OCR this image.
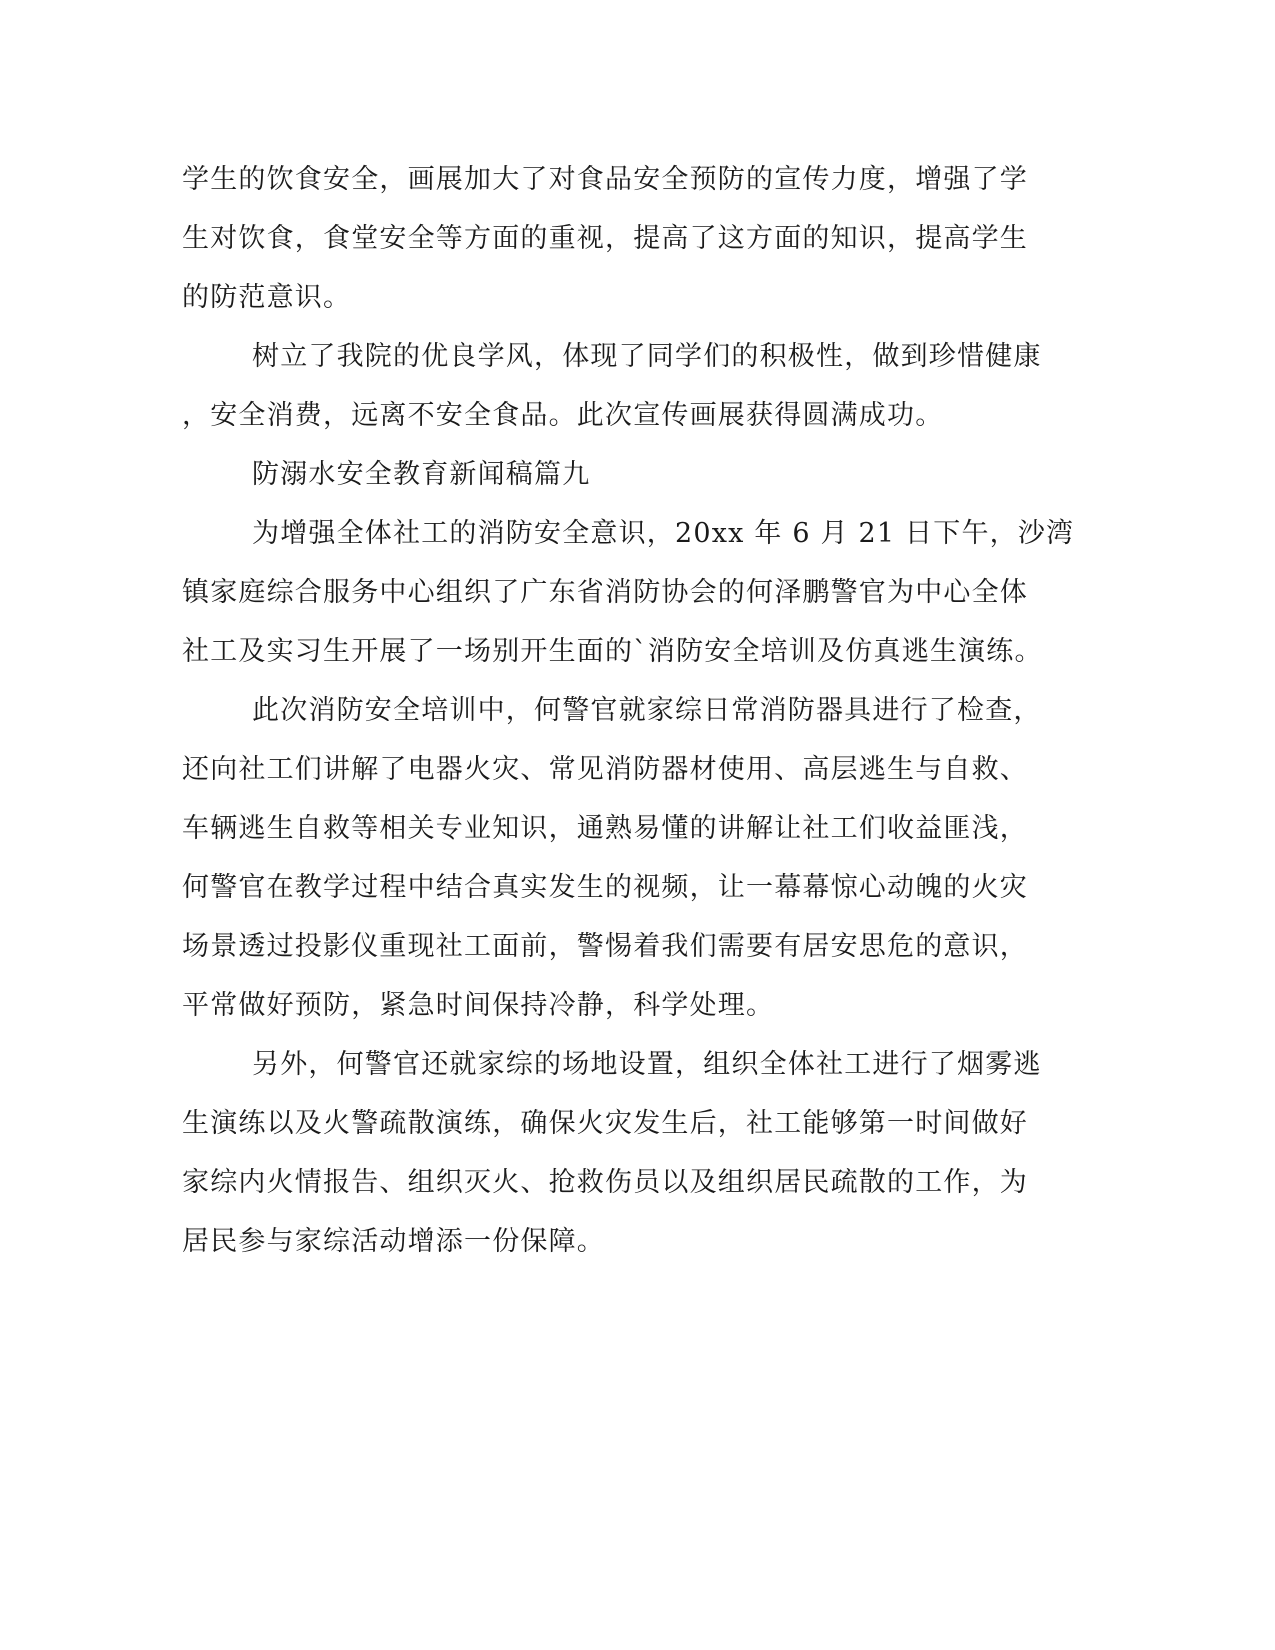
学生的饮食安全，画展加大了对食品安全预防的宣传力度，增强了学
生对饮食，食堂安全等方面的重视，提高了这方面的知识，提高学生
的防范意识。
树立了我院的优良学风，体现了同学们的积极性，做到珍惜健康
，安全消费，远离不安全食品。此次宣传画展获得圆满成功。
防溺水安全教育新闻稿篇九
为增强全体社工的消防安全意识，20xx 年 6 月 21 日下午，沙湾
镇家庭综合服务中心组织了广东省消防协会的何泽鹏警官为中心全体
社工及实习生开展了一场别开生面的`消防安全培训及仿真逃生演练。
此次消防安全培训中，何警官就家综日常消防器具进行了检查，
还向社工们讲解了电器火灾、常见消防器材使用、高层逃生与自救、
车辆逃生自救等相关专业知识，通熟易懂的讲解让社工们收益匪浅，
何警官在教学过程中结合真实发生的视频，让一幕幕惊心动魄的火灾
场景透过投影仪重现社工面前，警惕着我们需要有居安思危的意识，
平常做好预防，紧急时间保持冷静，科学处理。
另外，何警官还就家综的场地设置，组织全体社工进行了烟雾逃
生演练以及火警疏散演练，确保火灾发生后，社工能够第一时间做好
家综内火情报告、组织灭火、抢救伤员以及组织居民疏散的工作，为
居民参与家综活动增添一份保障。
